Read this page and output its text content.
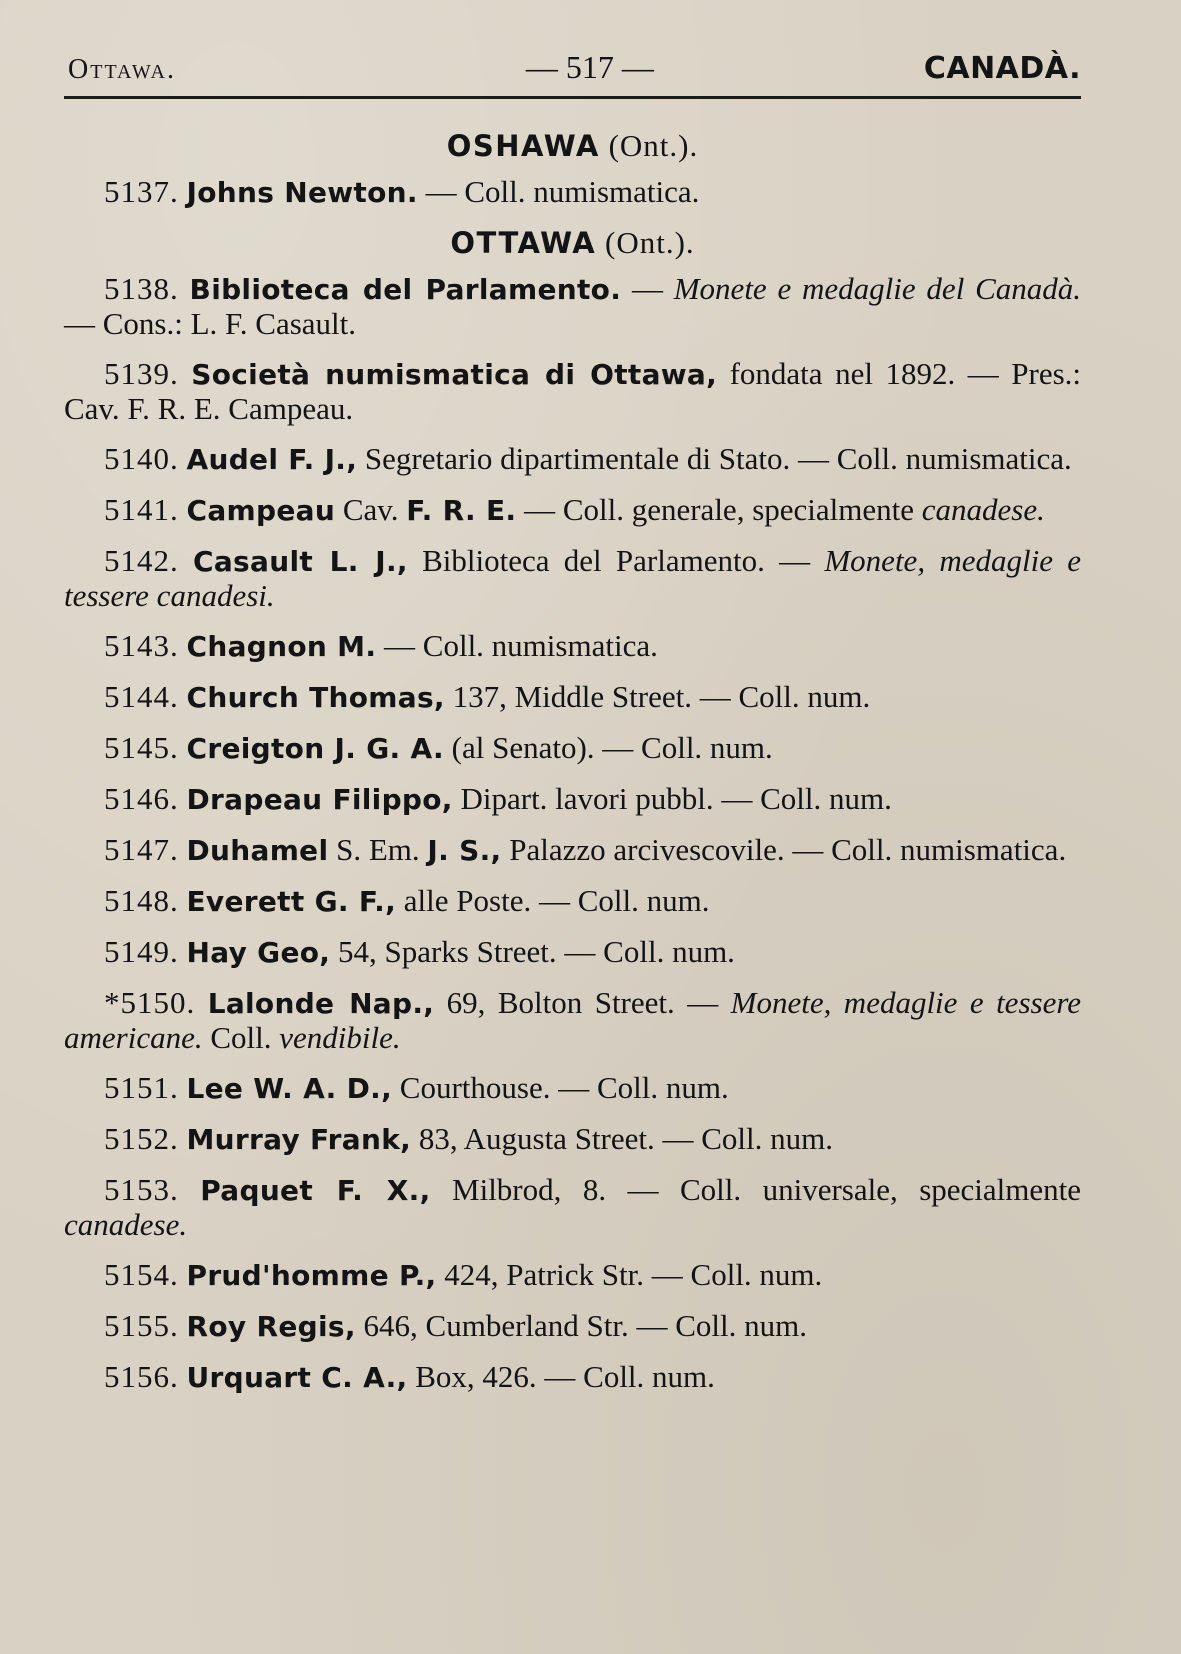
Ottawa.	— 517 —	CANADÀ.
OSHAWA (Ont.).
5137. Johns Newton. — Coll. numismatica.
OTTAWA (Ont.).
5138. Biblioteca del Parlamento. — Monete e medaglie del Canadà. — Cons.: L. F. Casault.
5139. Società numismatica di Ottawa, fondata nel 1892. — Pres.: Cav. F. R. E. Campeau.
5140. Audel F. J., Segretario dipartimentale di Stato. — Coll. numismatica.
5141. Campeau Cav. F. R. E. — Coll. generale, specialmente canadese.
5142. Casault L. J., Biblioteca del Parlamento. — Monete, medaglie e tessere canadesi.
5143. Chagnon M. — Coll. numismatica.
5144. Church Thomas, 137, Middle Street. — Coll. num.
5145. Creigton J. G. A. (al Senato). — Coll. num.
5146. Drapeau Filippo, Dipart. lavori pubbl. — Coll. num.
5147. Duhamel S. Em. J. S., Palazzo arcivescovile. — Coll. numismatica.
5148. Everett G. F., alle Poste. — Coll. num.
5149. Hay Geo, 54, Sparks Street. — Coll. num.
*5150. Lalonde Nap., 69, Bolton Street. — Monete, medaglie e tessere americane. Coll. vendibile.
5151. Lee W. A. D., Courthouse. — Coll. num.
5152. Murray Frank, 83, Augusta Street. — Coll. num.
5153. Paquet F. X., Milbrod, 8. — Coll. universale, specialmente canadese.
5154. Prud'homme P., 424, Patrick Str. — Coll. num.
5155. Roy Regis, 646, Cumberland Str. — Coll. num.
5156. Urquart C. A., Box, 426. — Coll. num.
